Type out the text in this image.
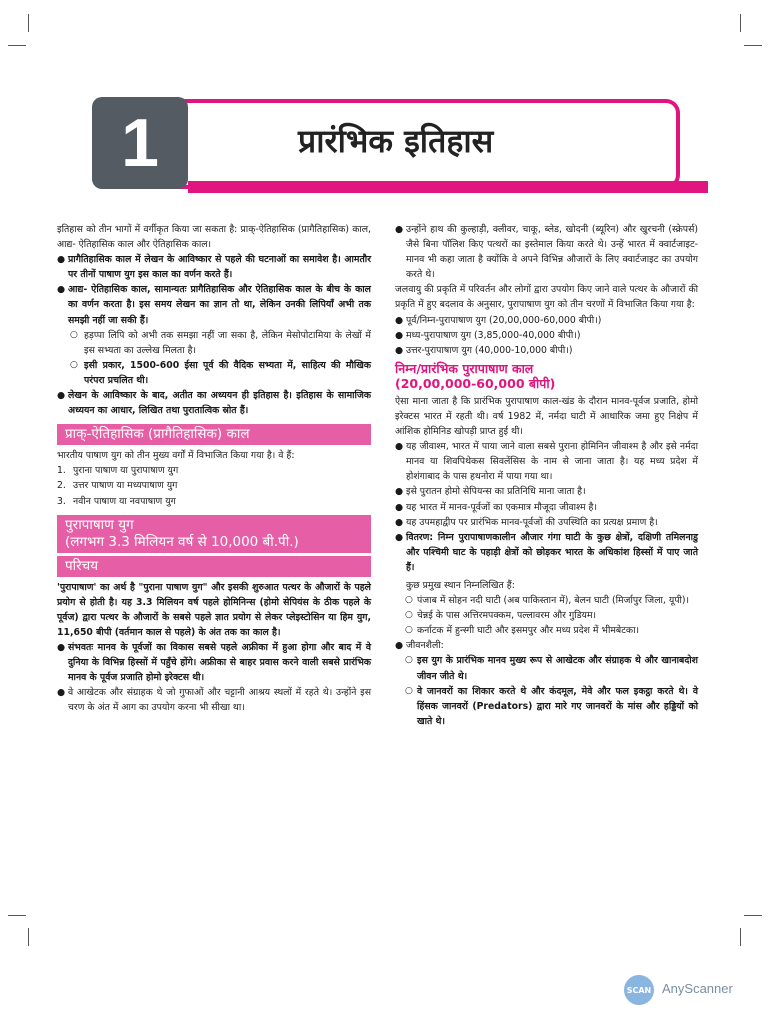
1	प्रारंभिक इतिहास

इतिहास को तीन भागों में वर्गीकृत किया जा सकता है: प्राक्-ऐतिहासिक (प्रागैतिहासिक) काल, आद्य- ऐतिहासिक काल और ऐतिहासिक काल।

● प्रागैतिहासिक काल में लेखन के आविष्कार से पहले की घटनाओं का समावेश है। आमतौर पर तीनों पाषाण युग इस काल का वर्णन करते हैं।
● आद्य- ऐतिहासिक काल, सामान्यतः प्रागैतिहासिक और ऐतिहासिक काल के बीच के काल का वर्णन करता है। इस समय लेखन का ज्ञान तो था, लेकिन उनकी लिपियाँ अभी तक समझी नहीं जा सकी हैं।
○ हड़प्पा लिपि को अभी तक समझा नहीं जा सका है, लेकिन मेसोपोटामिया के लेखों में इस सभ्यता का उल्लेख मिलता है।
○ इसी प्रकार, 1500-600 ईसा पूर्व की वैदिक सभ्यता में, साहित्य की मौखिक परंपरा प्रचलित थी।
● लेखन के आविष्कार के बाद, अतीत का अध्ययन ही इतिहास है। इतिहास के सामाजिक अध्ययन का आधार, लिखित तथा पुरातात्विक स्रोत हैं।
प्राक्-ऐतिहासिक (प्रागैतिहासिक) काल

भारतीय पाषाण युग को तीन मुख्य वर्गों में विभाजित किया गया है। वे हैं:

1. पुराना पाषाण या पुरापाषाण युग
2. उत्तर पाषाण या मध्यपाषाण युग
3. नवीन पाषाण या नवपाषाण युग
पुरापाषाण युग
(लगभग 3.3 मिलियन वर्ष से 10,000 बी.पी.)
परिचय

'पुरापाषाण' का अर्थ है "पुराना पाषाण युग" और इसकी शुरुआत पत्थर के औजारों के पहले प्रयोग से होती है। यह 3.3 मिलियन वर्ष पहले होमिनिन्स (होमो सेपियंस के ठीक पहले के पूर्वज) द्वारा पत्थर के औजारों के सबसे पहले ज्ञात प्रयोग से लेकर प्लेइस्टोसिन या हिम युग, 11,650 बीपी (वर्तमान काल से पहले) के अंत तक का काल है।

● संभवतः मानव के पूर्वजों का विकास सबसे पहले अफ्रीका में हुआ होगा और बाद में वे दुनिया के विभिन्न हिस्सों में पहुँचे होंगे। अफ्रीका से बाहर प्रवास करने वाली सबसे प्रारंभिक मानव के पूर्वज प्रजाति होमो इरेक्टस थी।
● वे आखेटक और संग्राहक थे जो गुफाओं और चट्टानी आश्रय स्थलों में रहते थे। उन्होंने इस चरण के अंत में आग का उपयोग करना भी सीखा था।
● उन्होंने हाथ की कुल्हाड़ी, क्लीवर, चाकू, ब्लेड, खोदनी (ब्यूरिन) और खुरचनी (स्क्रेपर्स) जैसे बिना पॉलिश किए पत्थरों का इस्तेमाल किया करते थे। उन्हें भारत में क्वार्टजाइट-मानव भी कहा जाता है क्योंकि वे अपने विभिन्न औजारों के लिए क्वार्टजाइट का उपयोग करते थे।

जलवायु की प्रकृति में परिवर्तन और लोगों द्वारा उपयोग किए जाने वाले पत्थर के औजारों की प्रकृति में हुए बदलाव के अनुसार, पुरापाषाण युग को तीन चरणों में विभाजित किया गया है:

● पूर्व/निम्न-पुरापाषाण युग (20,00,000-60,000 बीपी।)
● मध्य-पुरापाषाण युग (3,85,000-40,000 बीपी।)
● उत्तर-पुरापाषाण युग (40,000-10,000 बीपी।)
निम्न/प्रारंभिक पुरापाषाण काल
(20,00,000-60,000 बीपी)

ऐसा माना जाता है कि प्रारंभिक पुरापाषाण काल-खंड के दौरान मानव-पूर्वज प्रजाति, होमो इरेक्टस भारत में रहती थी। वर्ष 1982 में, नर्मदा घाटी में आधारिक जमा हुए निक्षेप में आंशिक होमिनिड खोपड़ी प्राप्त हुई थी।

● यह जीवाश्म, भारत में पाया जाने वाला सबसे पुराना होमिनिन जीवाश्म है और इसे नर्मदा मानव या शिवपिथेकस सिवलेंसिस के नाम से जाना जाता है। यह मध्य प्रदेश में होशंगाबाद के पास हथनोरा में पाया गया था।
● इसे पुरातन होमो सेपियन्स का प्रतिनिधि माना जाता है।
● यह भारत में मानव-पूर्वजों का एकमात्र मौजूदा जीवाश्म है।
● यह उपमहाद्वीप पर प्रारंभिक मानव-पूर्वजों की उपस्थिति का प्रत्यक्ष प्रमाण है।
● वितरण: निम्न पुरापाषाणकालीन औजार गंगा घाटी के कुछ क्षेत्रों, दक्षिणी तमिलनाडु और पश्चिमी घाट के पहाड़ी क्षेत्रों को छोड़कर भारत के अधिकांश हिस्सों में पाए जाते हैं।

कुछ प्रमुख स्थान निम्नलिखित हैं:

○ पंजाब में सोहन नदी घाटी (अब पाकिस्तान में), बेलन घाटी (मिर्जापुर जिला, यूपी)।
○ चेन्नई के पास अत्तिरमपक्कम, पल्लावरम और गुडियम।
○ कर्नाटक में हुन्स्गी घाटी और इसमपुर और मध्य प्रदेश में भीमबेटका।
● जीवनशैली:
○ इस युग के प्रारंभिक मानव मुख्य रूप से आखेटक और संग्राहक थे और खानाबदोश जीवन जीते थे।
○ वे जानवरों का शिकार करते थे और कंदमूल, मेवे और फल इकट्ठा करते थे। वे हिंसक जानवरों (Predators) द्वारा मारे गए जानवरों के मांस और हड्डियों को खाते थे।
SCAN AnyScanner
